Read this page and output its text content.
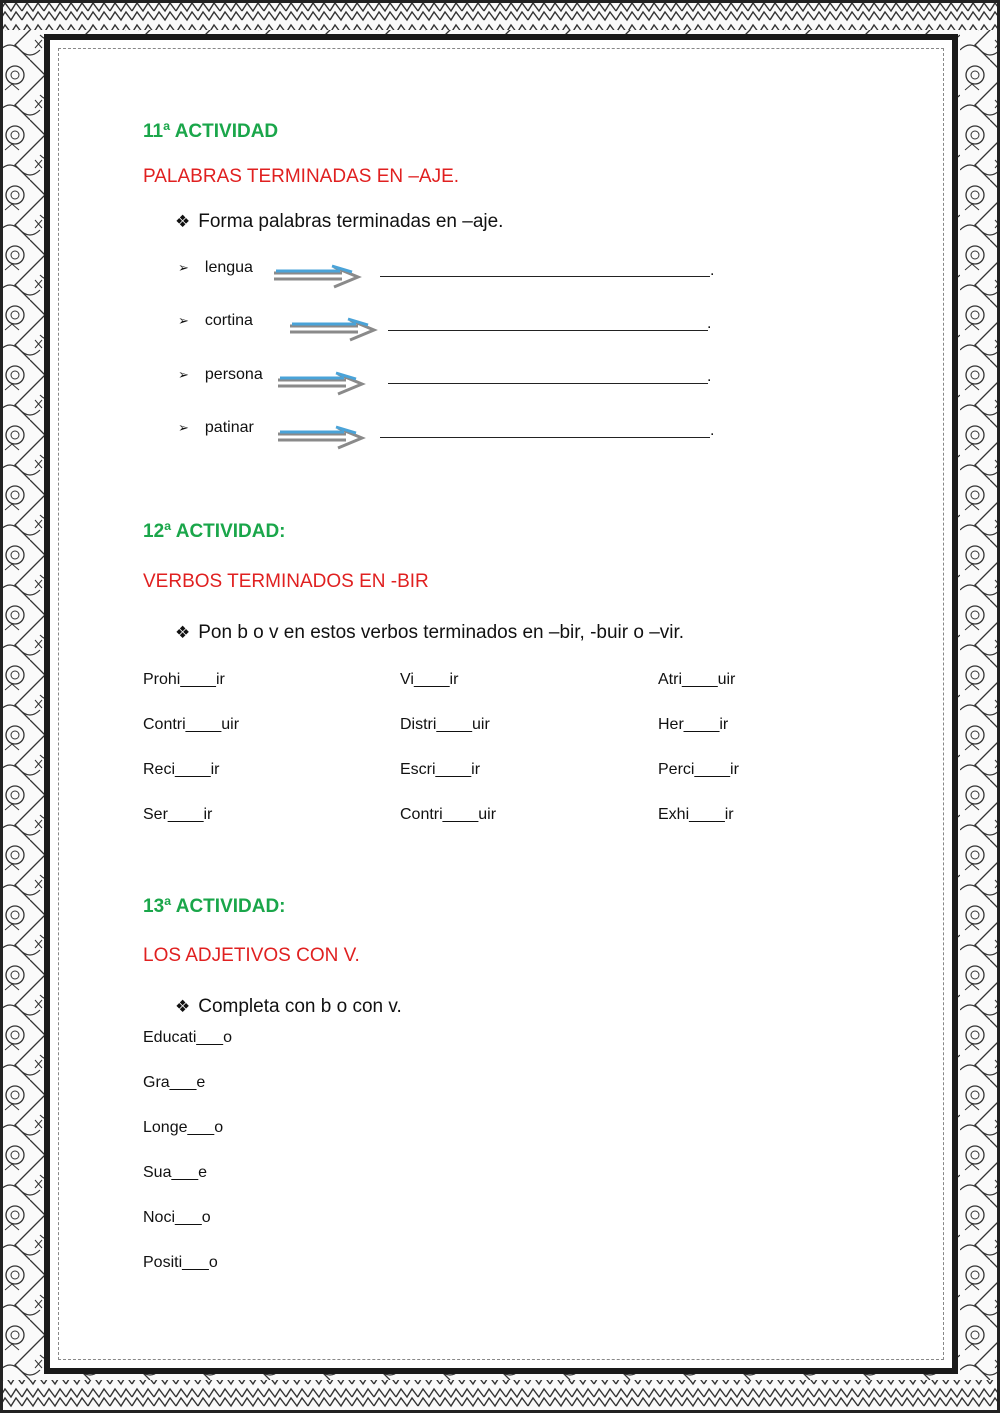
11ª ACTIVIDAD
PALABRAS TERMINADAS EN –AJE.
❖ Forma palabras terminadas en –aje.
➢ lengua	.
➢ cortina	.
➢ persona	.
➢ patinar	.
12ª ACTIVIDAD:
VERBOS TERMINADOS EN -BIR
❖ Pon b o v en estos verbos terminados en –bir, -buir o –vir.
Prohi____ir	Vi____ir	Atri____uir
Contri____uir	Distri____uir	Her____ir
Reci____ir	Escri____ir	Perci____ir
Ser____ir	Contri____uir	Exhi____ir
13ª ACTIVIDAD:
LOS ADJETIVOS CON V.
❖ Completa con b o con v.
Educati___o
Gra___e
Longe___o
Sua___e
Noci___o
Positi___o
